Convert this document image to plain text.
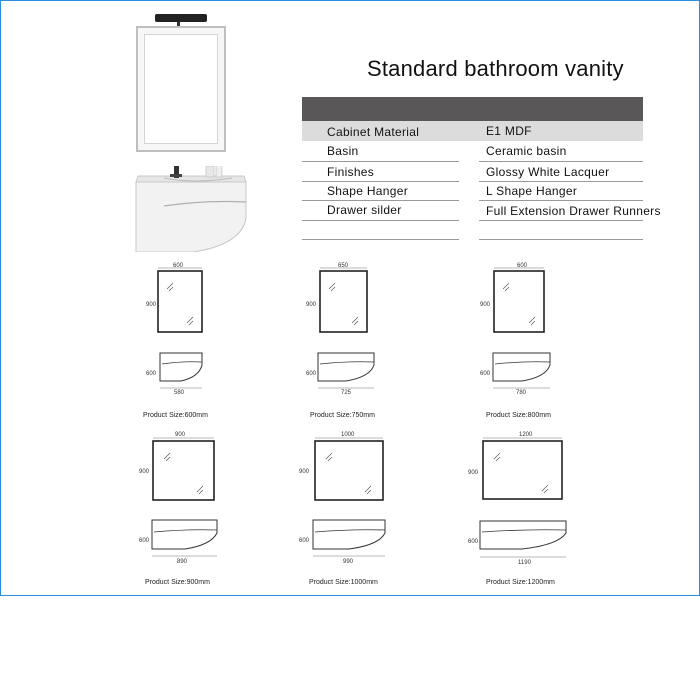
Standard bathroom vanity
Cabinet Material	E1 MDF
Basin	Ceramic basin
Finishes	Glossy White Lacquer
Shape Hanger	L Shape Hanger
Drawer silder	Full Extension Drawer Runners
600
900
600
580
Product Size:600mm
650
900
600
725
Product Size:750mm
600
900
600
780
Product Size:800mm
900
900
600
890
Product Size:900mm
1000
900
600
990
Product Size:1000mm
1200
900
600
1190
Product Size:1200mm
